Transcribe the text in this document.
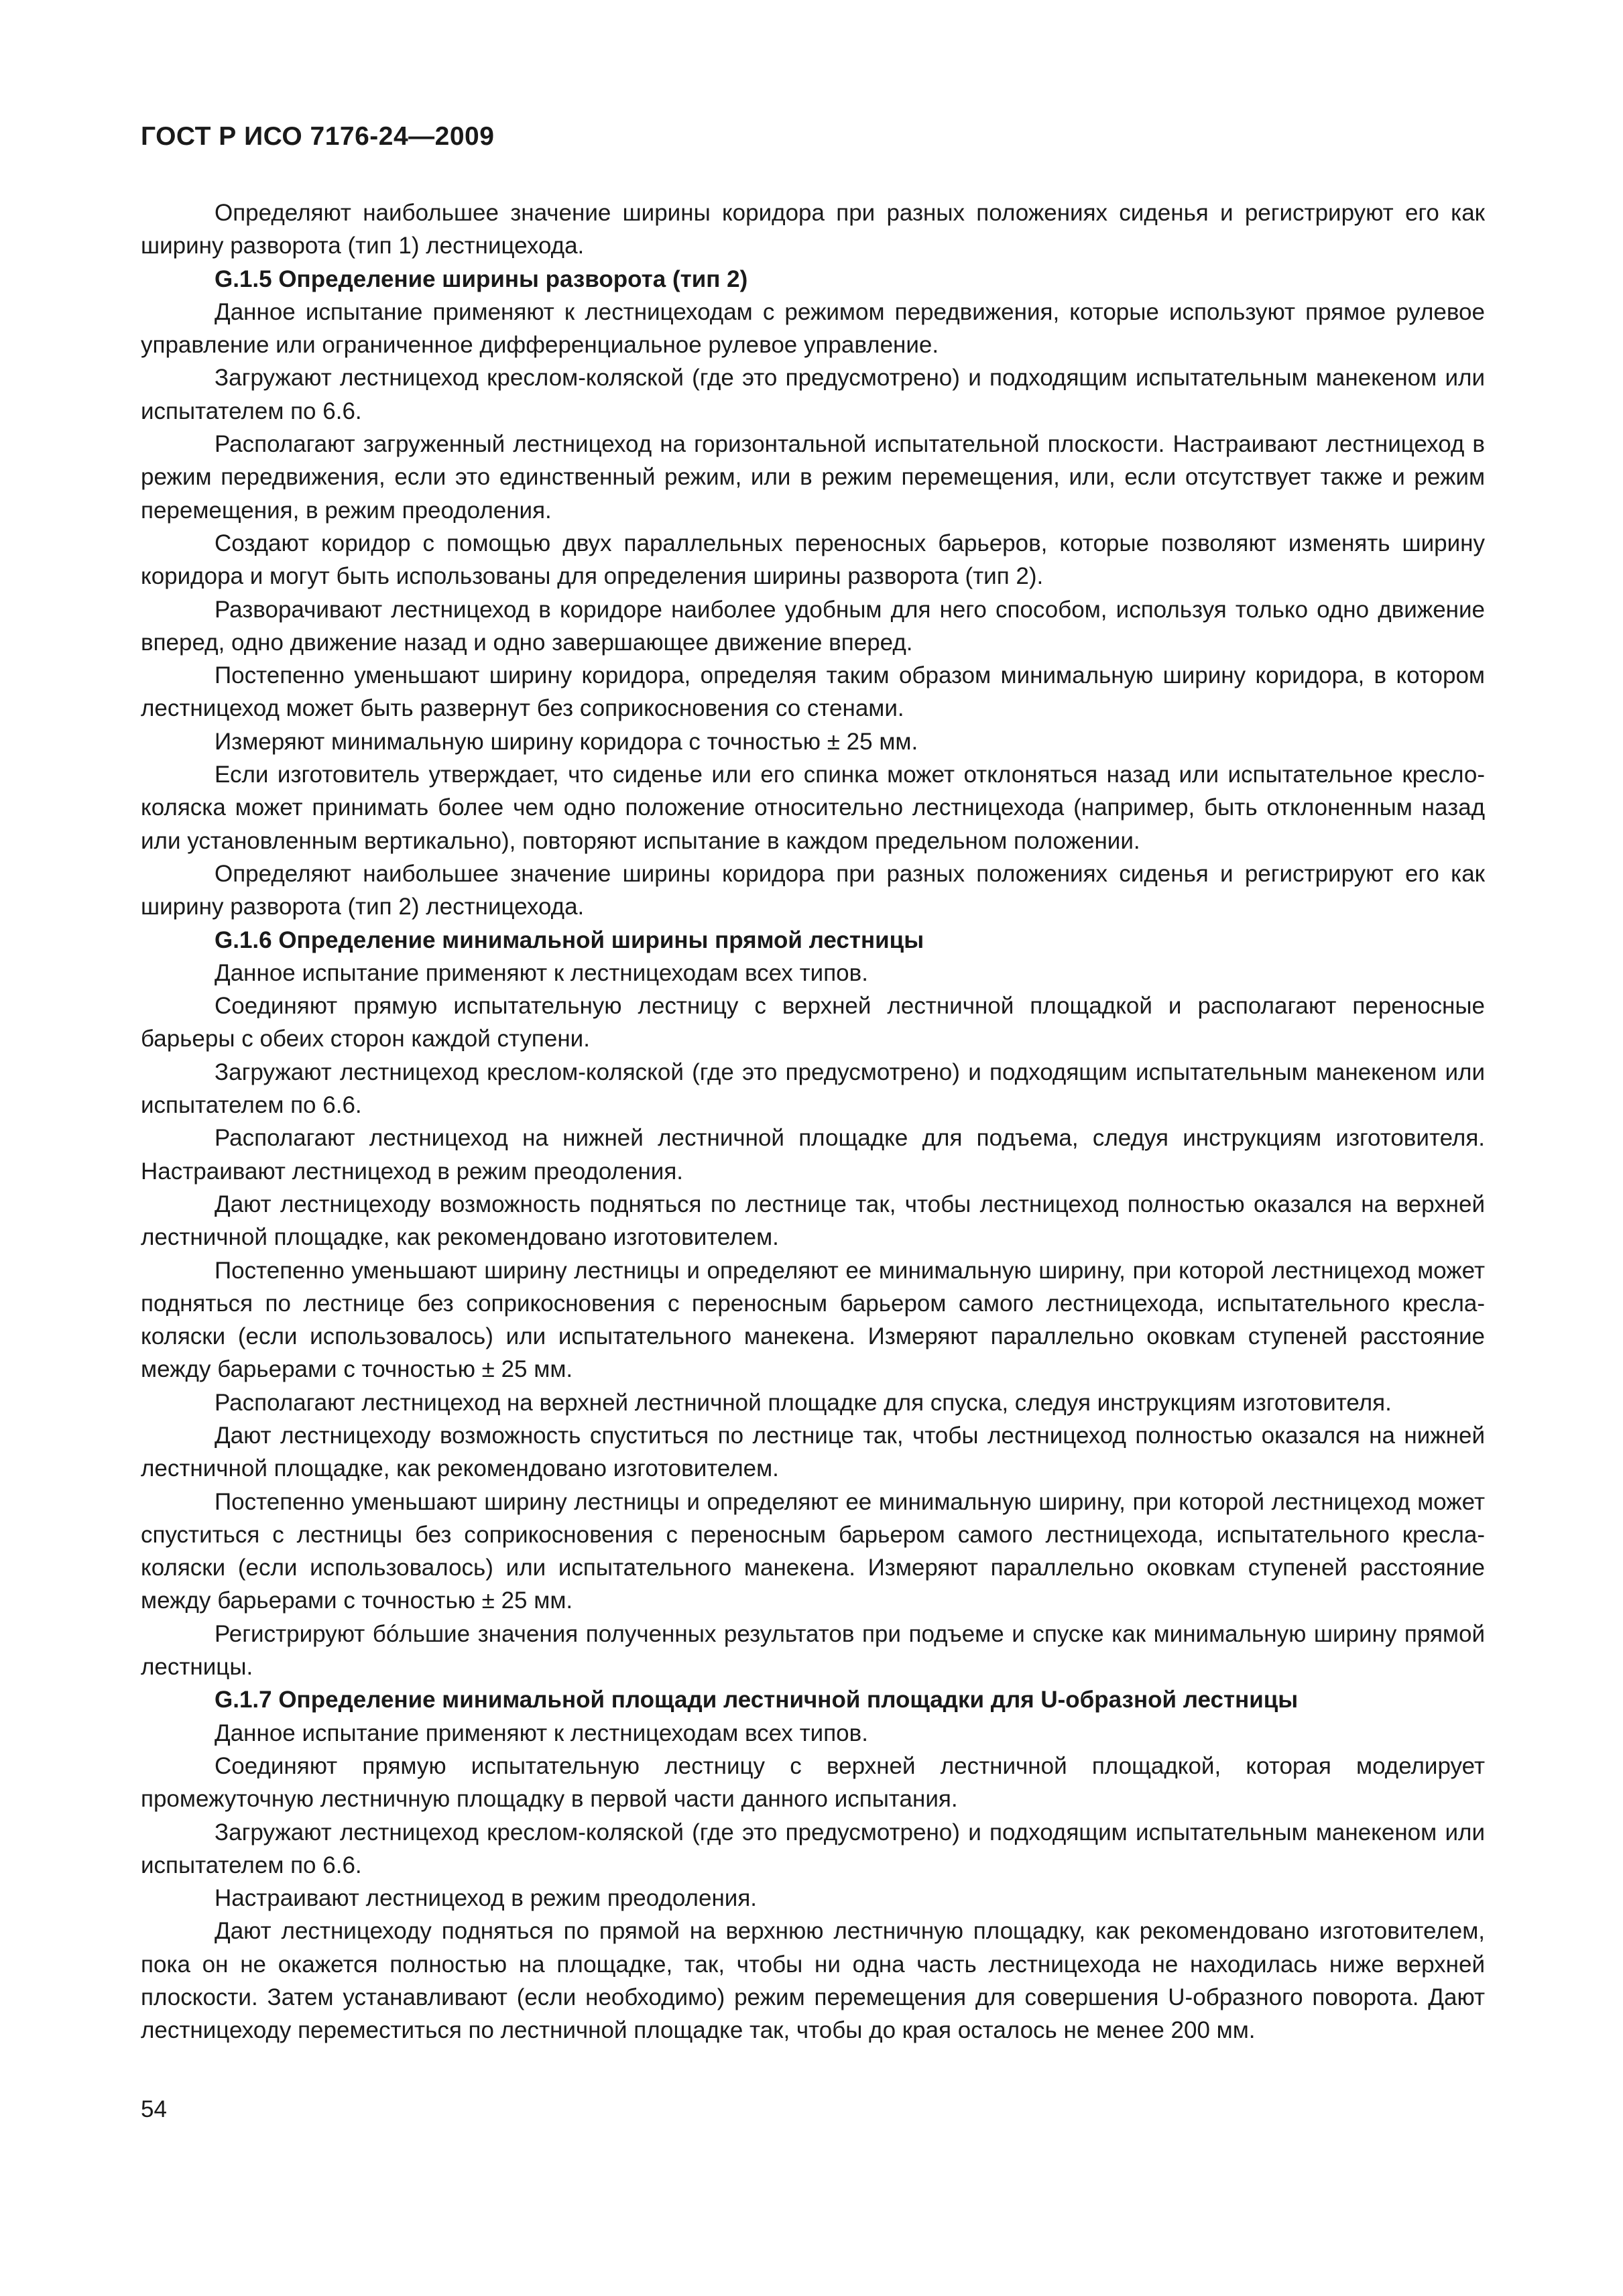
ГОСТ Р ИСО 7176-24—2009

Определяют наибольшее значение ширины коридора при разных положениях сиденья и регистрируют его как ширину разворота (тип 1) лестницехода.

G.1.5 Определение ширины разворота (тип 2)

Данное испытание применяют к лестницеходам с режимом передвижения, которые используют прямое рулевое управление или ограниченное дифференциальное рулевое управление.

Загружают лестницеход креслом-коляской (где это предусмотрено) и подходящим испытательным манекеном или испытателем по 6.6.

Располагают загруженный лестницеход на горизонтальной испытательной плоскости. Настраивают лестницеход в режим передвижения, если это единственный режим, или в режим перемещения, или, если отсутствует также и режим перемещения, в режим преодоления.

Создают коридор с помощью двух параллельных переносных барьеров, которые позволяют изменять ширину коридора и могут быть использованы для определения ширины разворота (тип 2).

Разворачивают лестницеход в коридоре наиболее удобным для него способом, используя только одно движение вперед, одно движение назад и одно завершающее движение вперед.

Постепенно уменьшают ширину коридора, определяя таким образом минимальную ширину коридора, в котором лестницеход может быть развернут без соприкосновения со стенами.

Измеряют минимальную ширину коридора с точностью ± 25 мм.

Если изготовитель утверждает, что сиденье или его спинка может отклоняться назад или испытательное кресло-коляска может принимать более чем одно положение относительно лестницехода (например, быть отклоненным назад или установленным вертикально), повторяют испытание в каждом предельном положении.

Определяют наибольшее значение ширины коридора при разных положениях сиденья и регистрируют его как ширину разворота (тип 2) лестницехода.

G.1.6 Определение минимальной ширины прямой лестницы

Данное испытание применяют к лестницеходам всех типов.

Соединяют прямую испытательную лестницу с верхней лестничной площадкой и располагают переносные барьеры с обеих сторон каждой ступени.

Загружают лестницеход креслом-коляской (где это предусмотрено) и подходящим испытательным манекеном или испытателем по 6.6.

Располагают лестницеход на нижней лестничной площадке для подъема, следуя инструкциям изготовителя. Настраивают лестницеход в режим преодоления.

Дают лестницеходу возможность подняться по лестнице так, чтобы лестницеход полностью оказался на верхней лестничной площадке, как рекомендовано изготовителем.

Постепенно уменьшают ширину лестницы и определяют ее минимальную ширину, при которой лестницеход может подняться по лестнице без соприкосновения с переносным барьером самого лестницехода, испытательного кресла-коляски (если использовалось) или испытательного манекена. Измеряют параллельно оковкам ступеней расстояние между барьерами с точностью ± 25 мм.

Располагают лестницеход на верхней лестничной площадке для спуска, следуя инструкциям изготовителя.

Дают лестницеходу возможность спуститься по лестнице так, чтобы лестницеход полностью оказался на нижней лестничной площадке, как рекомендовано изготовителем.

Постепенно уменьшают ширину лестницы и определяют ее минимальную ширину, при которой лестницеход может спуститься с лестницы без соприкосновения с переносным барьером самого лестницехода, испытательного кресла-коляски (если использовалось) или испытательного манекена. Измеряют параллельно оковкам ступеней расстояние между барьерами с точностью ± 25 мм.

Регистрируют бóльшие значения полученных результатов при подъеме и спуске как минимальную ширину прямой лестницы.

G.1.7 Определение минимальной площади лестничной площадки для U-образной лестницы

Данное испытание применяют к лестницеходам всех типов.

Соединяют прямую испытательную лестницу с верхней лестничной площадкой, которая моделирует промежуточную лестничную площадку в первой части данного испытания.

Загружают лестницеход креслом-коляской (где это предусмотрено) и подходящим испытательным манекеном или испытателем по 6.6.

Настраивают лестницеход в режим преодоления.

Дают лестницеходу подняться по прямой на верхнюю лестничную площадку, как рекомендовано изготовителем, пока он не окажется полностью на площадке, так, чтобы ни одна часть лестницехода не находилась ниже верхней плоскости. Затем устанавливают (если необходимо) режим перемещения для совершения U-образного поворота. Дают лестницеходу переместиться по лестничной площадке так, чтобы до края осталось не менее 200 мм.

54
